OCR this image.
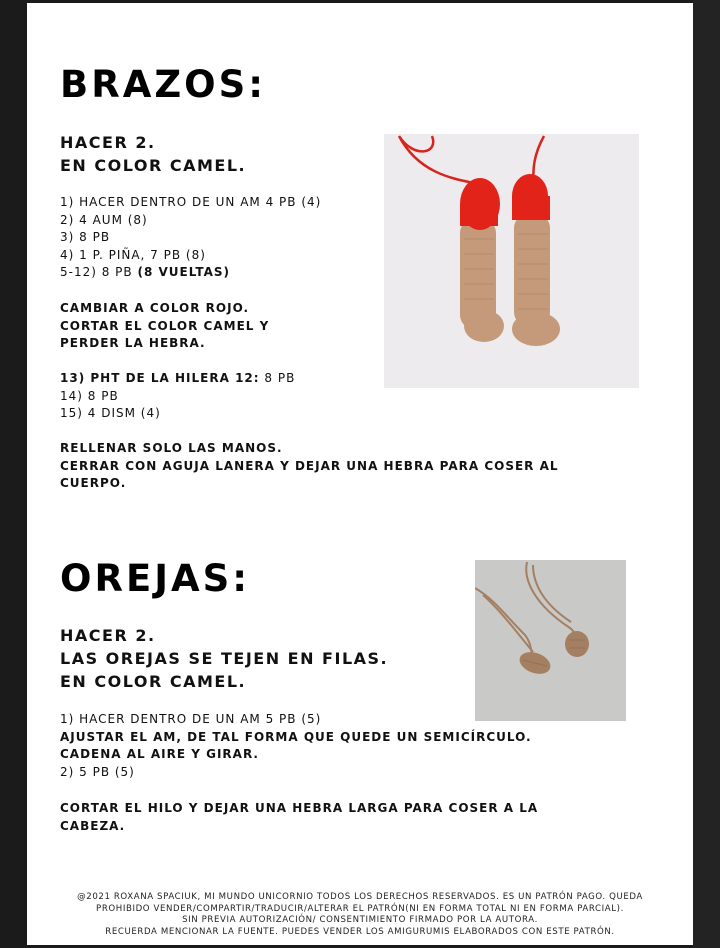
BRAZOS:
HACER 2.
EN COLOR CAMEL.
1) HACER DENTRO DE UN AM 4 PB (4)
2) 4 AUM (8)
3) 8 PB
4) 1 P. PIÑA, 7 PB (8)
5-12) 8 PB (8 VUELTAS)
CAMBIAR A COLOR ROJO.
CORTAR EL COLOR CAMEL Y
PERDER LA HEBRA.
13) PHT DE LA HILERA 12: 8 PB
14) 8 PB
15) 4 DISM (4)
RELLENAR SOLO LAS MANOS.
CERRAR CON AGUJA LANERA Y DEJAR UNA HEBRA PARA COSER AL
CUERPO.
OREJAS:
HACER 2.
LAS OREJAS SE TEJEN EN FILAS.
EN COLOR CAMEL.
1) HACER DENTRO DE UN AM 5 PB (5)
AJUSTAR EL AM, DE TAL FORMA QUE QUEDE UN SEMICÍRCULO.
CADENA AL AIRE Y GIRAR.
2) 5 PB (5)
CORTAR EL HILO Y DEJAR UNA HEBRA LARGA PARA COSER A LA
CABEZA.
@2021 ROXANA SPACIUK, MI MUNDO UNICORNIO TODOS LOS DERECHOS RESERVADOS. ES UN PATRÓN PAGO. QUEDA
PROHIBIDO VENDER/COMPARTIR/TRADUCIR/ALTERAR EL PATRÓN(NI EN FORMA TOTAL NI EN FORMA PARCIAL).
SIN PREVIA AUTORIZACIÓN/ CONSENTIMIENTO FIRMADO POR LA AUTORA.
RECUERDA MENCIONAR LA FUENTE. PUEDES VENDER LOS AMIGURUMIS ELABORADOS CON ESTE PATRÓN.
